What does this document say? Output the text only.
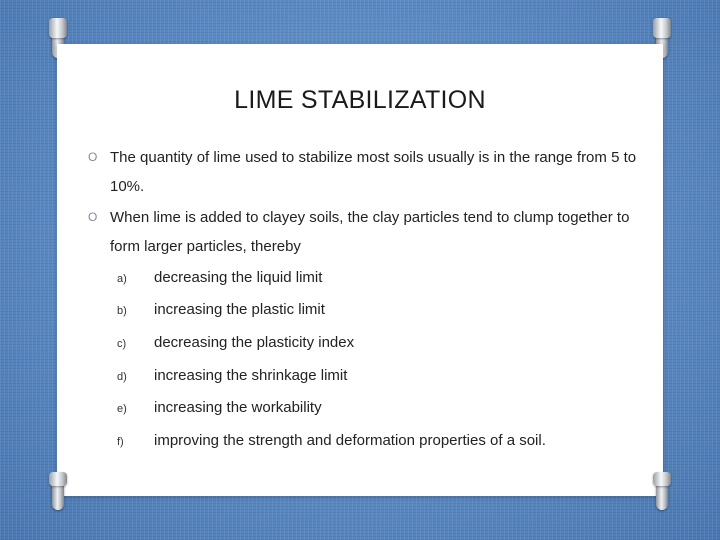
LIME STABILIZATION
O The quantity of lime used to stabilize most soils usually is in the range from 5 to 10%.
O When lime is added to clayey soils, the clay particles tend to clump together to form larger particles, thereby
a) decreasing the liquid limit
b) increasing the plastic limit
c) decreasing the plasticity index
d) increasing the shrinkage limit
e) increasing the workability
f) improving the strength and deformation properties of a soil.
